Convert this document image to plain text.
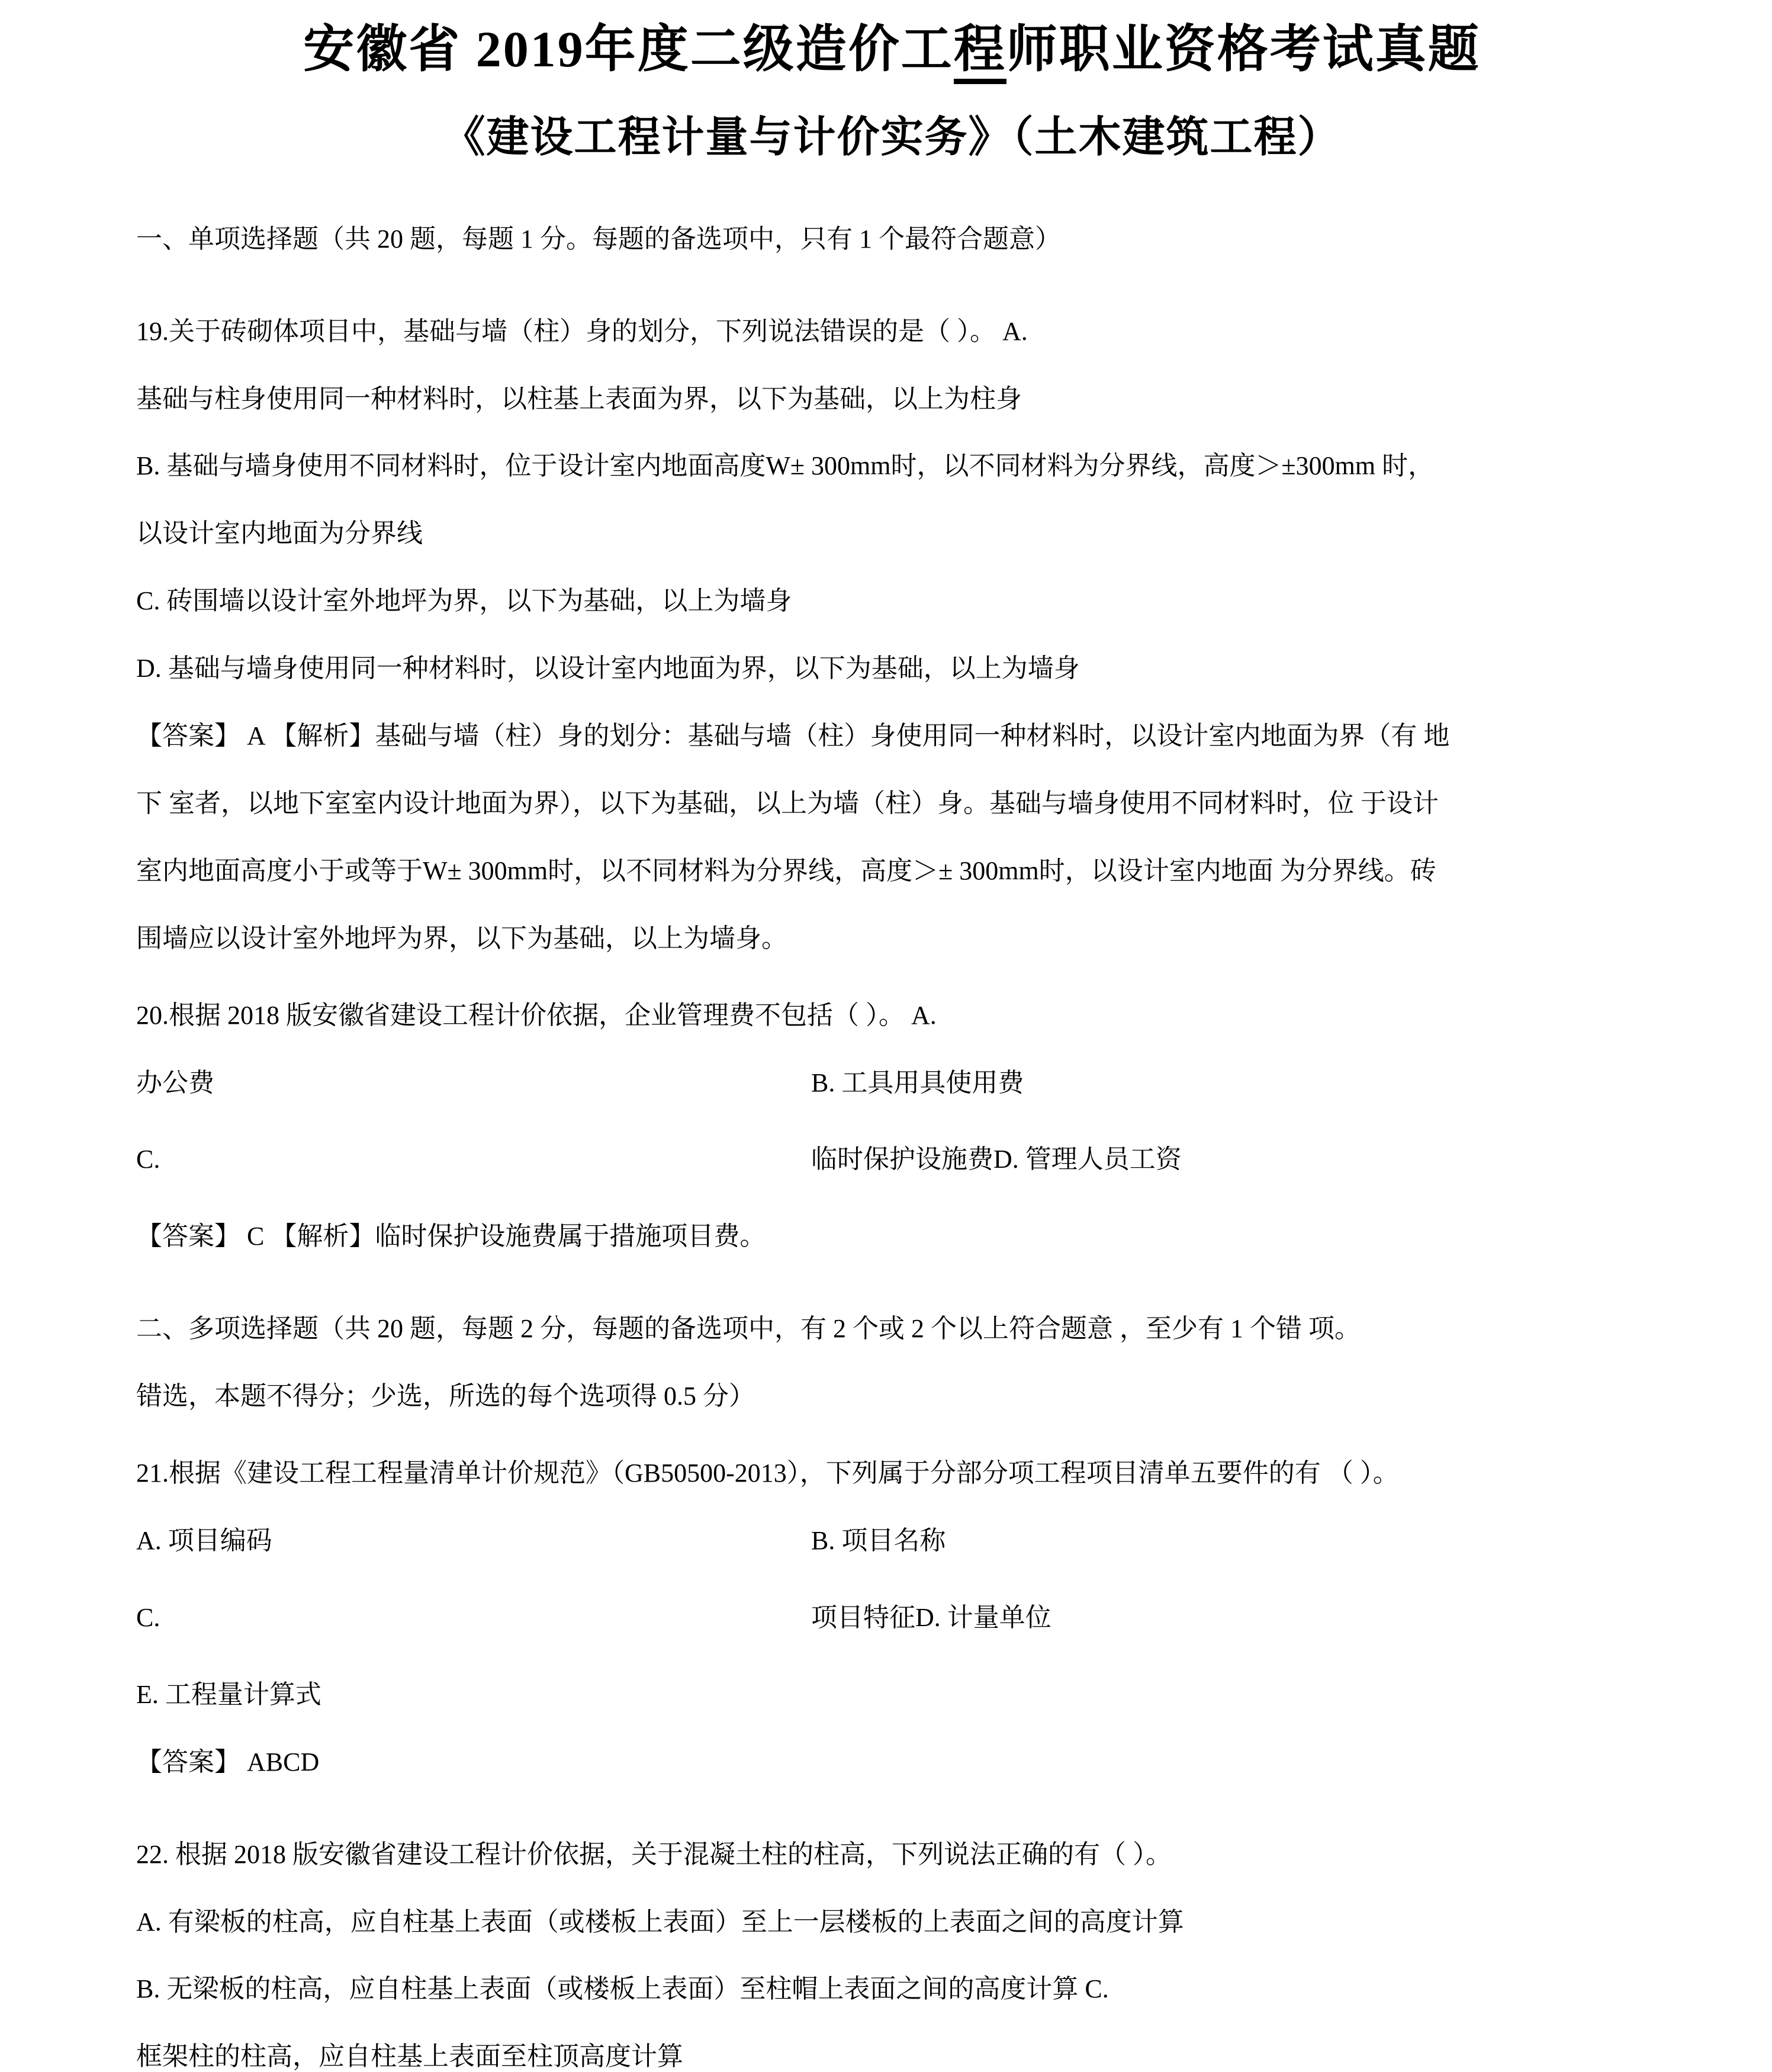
安徽省 2019年度二级造价工程师职业资格考试真题
《建设工程计量与计价实务》（土木建筑工程）
一、单项选择题（共 20 题，每题 1 分。每题的备选项中，只有 1 个最符合题意）
19.关于砖砌体项目中，基础与墙（柱）身的划分，下列说法错误的是（ ）。 A.
基础与柱身使用同一种材料时，以柱基上表面为界，以下为基础，以上为柱身
B. 基础与墙身使用不同材料时，位于设计室内地面高度W± 300mm时，以不同材料为分界线，高度＞±300mm 时，
以设计室内地面为分界线
C. 砖围墙以设计室外地坪为界，以下为基础，以上为墙身
D. 基础与墙身使用同一种材料时，以设计室内地面为界，以下为基础，以上为墙身
【答案】 A 【解析】基础与墙（柱）身的划分：基础与墙（柱）身使用同一种材料时，以设计室内地面为界（有 地
下 室者，以地下室室内设计地面为界），以下为基础，以上为墙（柱）身。基础与墙身使用不同材料时，位 于设计
室内地面高度小于或等于W± 300mm时，以不同材料为分界线，高度＞± 300mm时，以设计室内地面 为分界线。砖
围墙应以设计室外地坪为界，以下为基础，以上为墙身。
20.根据 2018 版安徽省建设工程计价依据，企业管理费不包括（ ）。 A.
办公费	B. 工具用具使用费
C.	临时保护设施费D. 管理人员工资
【答案】 C 【解析】临时保护设施费属于措施项目费。
二、多项选择题（共 20 题，每题 2 分，每题的备选项中，有 2 个或 2 个以上符合题意 ，至少有 1 个错 项。
错选，本题不得分；少选，所选的每个选项得 0.5 分）
21.根据《建设工程工程量清单计价规范》（GB50500-2013），下列属于分部分项工程项目清单五要件的有 （ ）。
A. 项目编码	B. 项目名称
C.	项目特征D. 计量单位
E. 工程量计算式
【答案】 ABCD
22. 根据 2018 版安徽省建设工程计价依据，关于混凝土柱的柱高，下列说法正确的有（ ）。
A. 有梁板的柱高，应自柱基上表面（或楼板上表面）至上一层楼板的上表面之间的高度计算
B. 无梁板的柱高，应自柱基上表面（或楼板上表面）至柱帽上表面之间的高度计算 C.
框架柱的柱高，应自柱基上表面至柱顶高度计算
